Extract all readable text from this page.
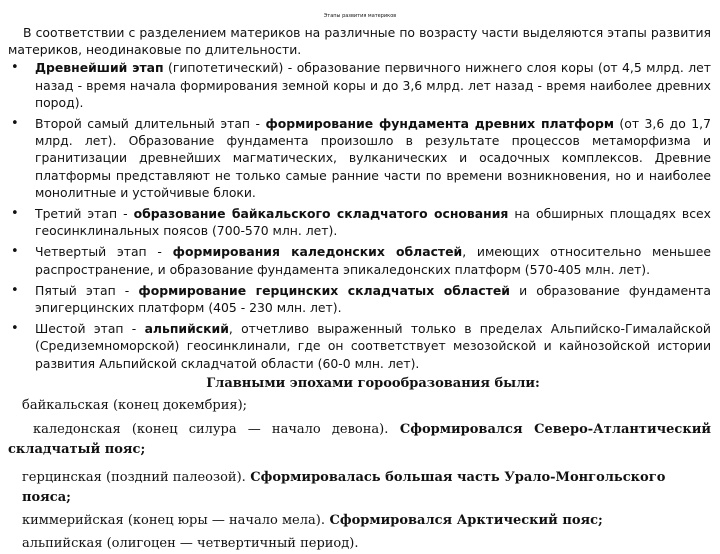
Этапы развития материков

В соответствии с разделением материков на различные по возрасту части выделяются этапы развития материков, неодинаковые по длительности.

• Древнейший этап (гипотетический) - образование первичного нижнего слоя коры (от 4,5 млрд. лет назад - время начала формирования земной коры и до 3,6 млрд. лет назад - время наиболее древних пород).

• Второй самый длительный этап - формирование фундамента древних платформ (от 3,6 до 1,7 млрд. лет). Образование фундамента произошло в результате процессов метаморфизма и гранитизации древнейших магматических, вулканических и осадочных комплексов. Древние платформы представляют не только самые ранние части по времени возникновения, но и наиболее монолитные и устойчивые блоки.

• Третий этап - образование байкальского складчатого основания на обширных площадях всех геосинклинальных поясов (700-570 млн. лет).

• Четвертый этап - формирования каледонских областей, имеющих относительно меньшее распространение, и образование фундамента эпикаледонских платформ (570-405 млн. лет).

• Пятый этап - формирование герцинских складчатых областей и образование фундамента эпигерцинских платформ (405 - 230 млн. лет).

• Шестой этап - альпийский, отчетливо выраженный только в пределах Альпийско-Гималайской (Средиземноморской) геосинклинали, где он соответствует мезозойской и кайнозойской истории развития Альпийской складчатой области (60-0 млн. лет).

Главными эпохами горообразования были:

байкальская (конец докембрия);

каледонская (конец силура — начало девона). Сформировался Северо-Атлантический складчатый пояс;

герцинская (поздний палеозой). Сформировалась большая часть Урало-Монгольского пояса;

киммерийская (конец юры — начало мела). Сформировался Арктический пояс;

альпийская (олигоцен — четвертичный период).
